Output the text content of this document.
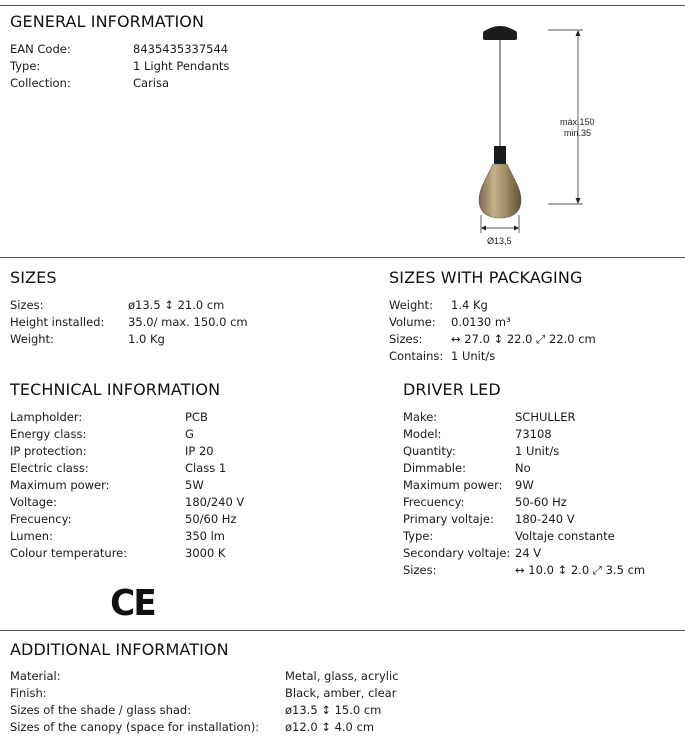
GENERAL INFORMATION
EAN Code:	8435435337544
Type:	1 Light Pendants
Collection:	Carisa
Ø13,5
máx.150
min.35
SIZES
Sizes:	ø13.5 ↕ 21.0 cm
Height installed: 35.0/ max. 150.0 cm
Weight:	1.0 Kg
SIZES WITH PACKAGING
Weight: 1.4 Kg
Volume: 0.0130 m³
Sizes: ↔ 27.0 ↕ 22.0 ⤢ 22.0 cm
Contains: 1 Unit/s
TECHNICAL INFORMATION
Lampholder:	PCB
Energy class:	G
IP protection:	IP 20
Electric class:	Class 1
Maximum power:	5W
Voltage:	180/240 V
Frecuency:	50/60 Hz
Lumen:	350 lm
Colour temperature:	3000 K
CE
DRIVER LED
Make:	SCHULLER
Model:	73108
Quantity:	1 Unit/s
Dimmable:	No
Maximum power: 9W
Frecuency:	50-60 Hz
Primary voltaje: 180-240 V
Type:	Voltaje constante
Secondary voltaje: 24 V
Sizes:	↔ 10.0 ↕ 2.0 ⤢ 3.5 cm
ADDITIONAL INFORMATION
Material:	Metal, glass, acrylic
Finish:	Black, amber, clear
Sizes of the shade / glass shad:	ø13.5 ↕ 15.0 cm
Sizes of the canopy (space for installation): ø12.0 ↕ 4.0 cm
